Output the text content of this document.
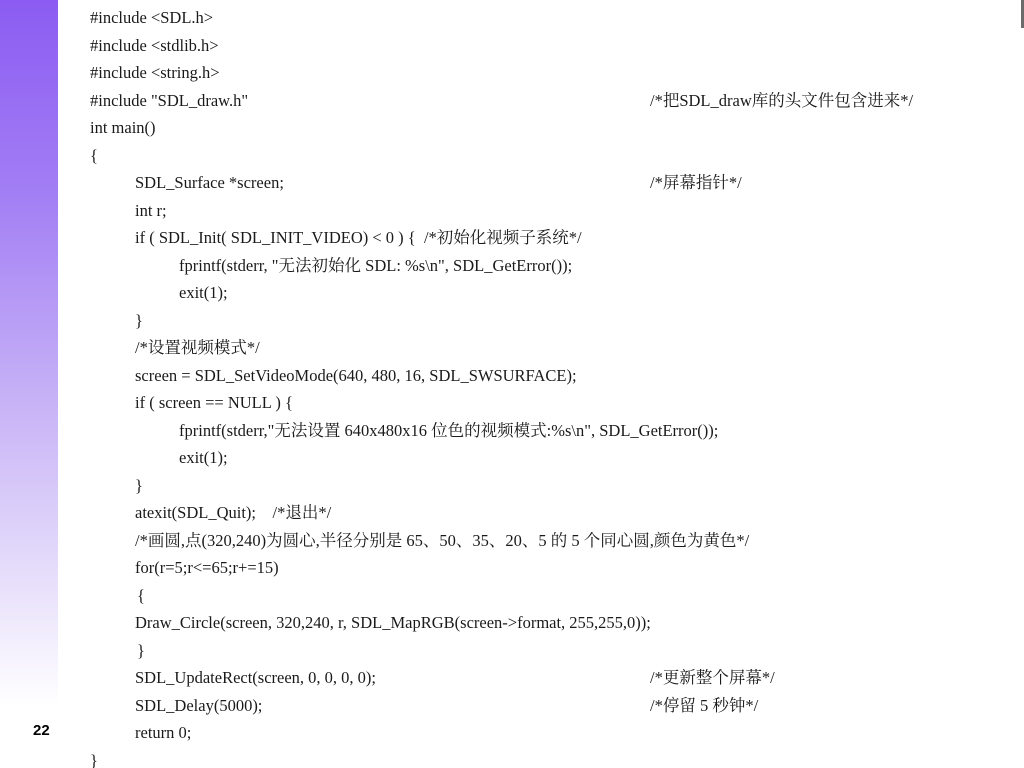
22

#include <SDL.h>

#include <stdlib.h>

#include <string.h>

#include "SDL_draw.h"

	/*把SDL_draw库的头文件包含进来*/

int main()

{

SDL_Surface *screen;

	/*屏幕指针*/

int r;

if ( SDL_Init( SDL_INIT_VIDEO) < 0 ) {  /*初始化视频子系统*/

fprintf(stderr, "无法初始化 SDL: %s\n", SDL_GetError());

exit(1);

}

/*设置视频模式*/

screen = SDL_SetVideoMode(640, 480, 16, SDL_SWSURFACE);

if ( screen == NULL ) {

fprintf(stderr,"无法设置 640x480x16 位色的视频模式:%s\n", SDL_GetError());

exit(1);

}

atexit(SDL_Quit);    /*退出*/

/*画圆,点(320,240)为圆心,半径分别是 65、50、35、20、5 的 5 个同心圆,颜色为黄色*/

for(r=5;r<=65;r+=15)

{

Draw_Circle(screen, 320,240, r, SDL_MapRGB(screen->format, 255,255,0));

}

SDL_UpdateRect(screen, 0, 0, 0, 0);

	/*更新整个屏幕*/

SDL_Delay(5000);

	/*停留 5 秒钟*/

return 0;

}
